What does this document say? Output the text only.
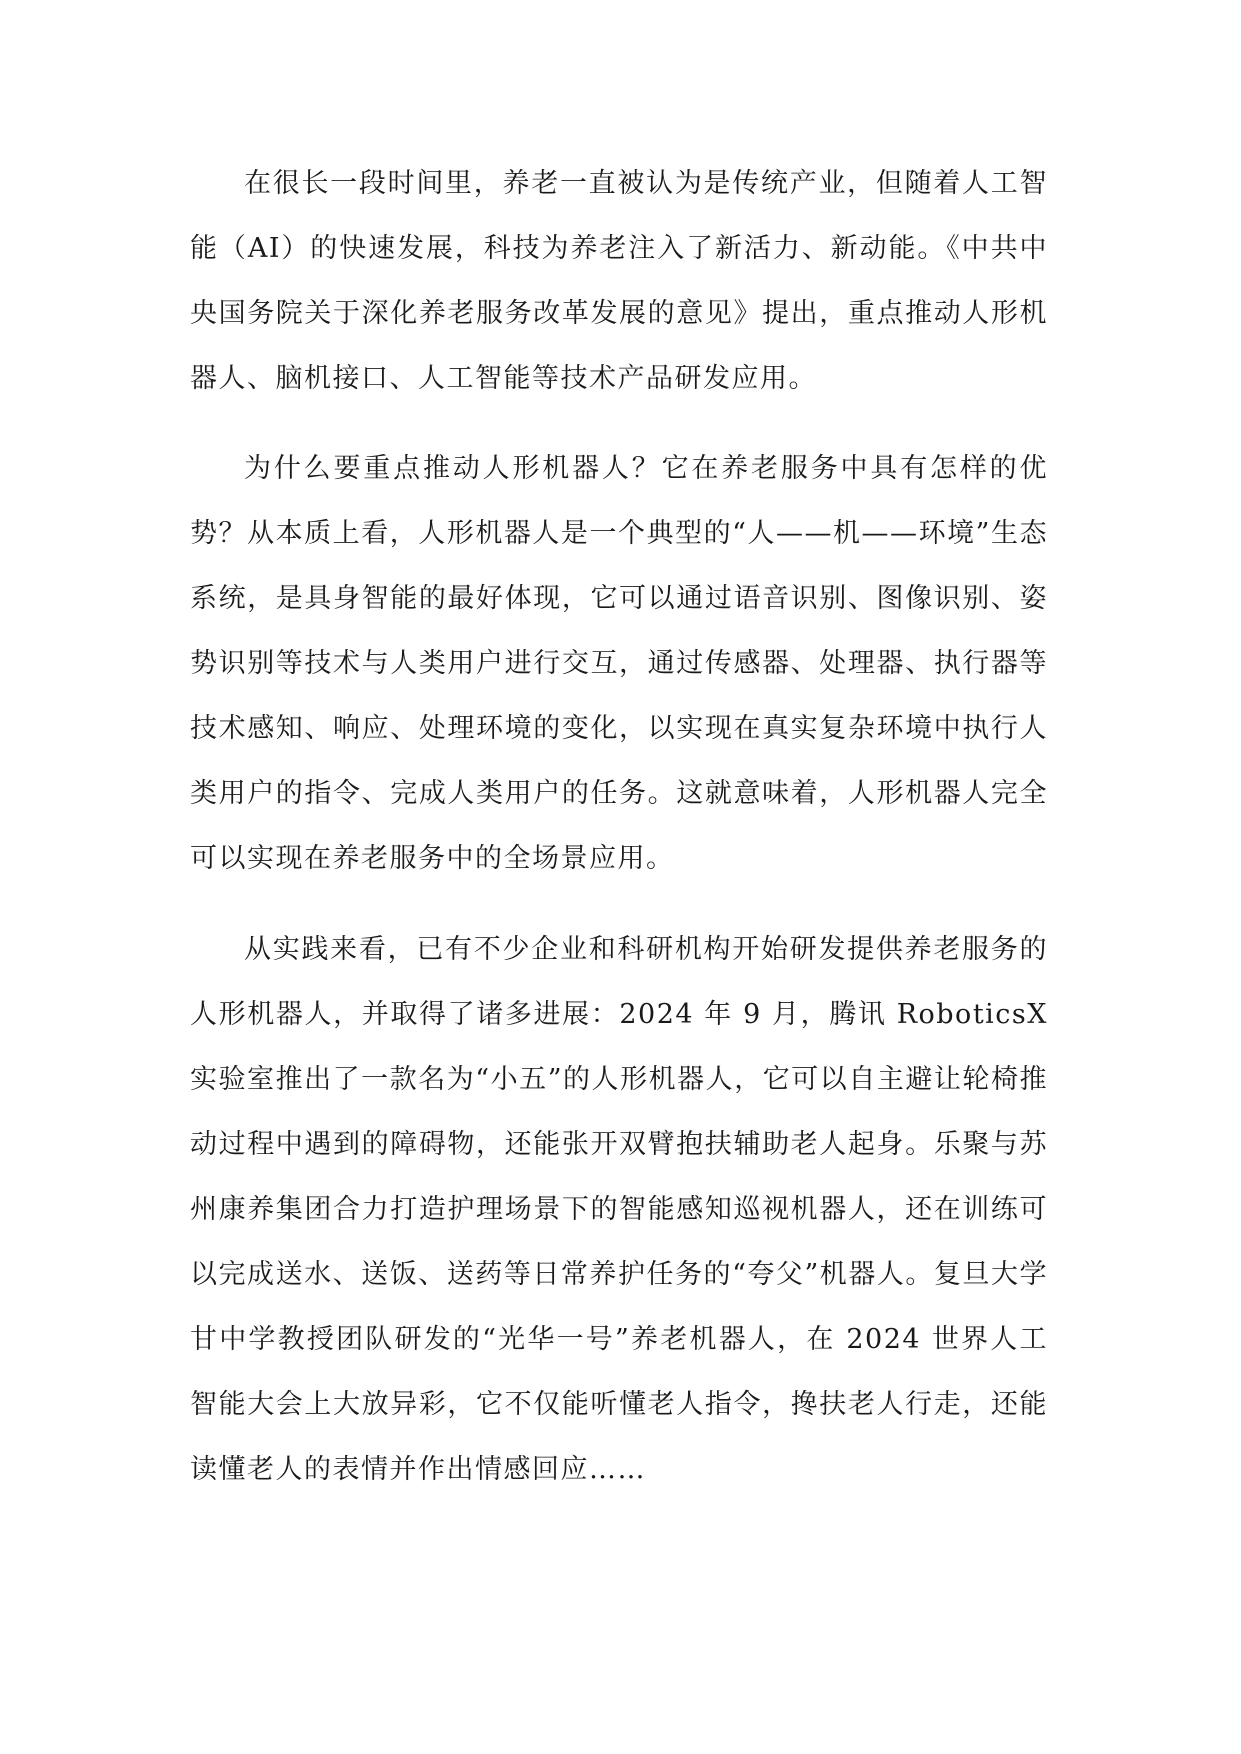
在很长一段时间里，养老一直被认为是传统产业，但随着人工智能（AI）的快速发展，科技为养老注入了新活力、新动能。《中共中央国务院关于深化养老服务改革发展的意见》提出，重点推动人形机器人、脑机接口、人工智能等技术产品研发应用。

为什么要重点推动人形机器人？它在养老服务中具有怎样的优势？从本质上看，人形机器人是一个典型的“人——机——环境”生态系统，是具身智能的最好体现，它可以通过语音识别、图像识别、姿势识别等技术与人类用户进行交互，通过传感器、处理器、执行器等技术感知、响应、处理环境的变化，以实现在真实复杂环境中执行人类用户的指令、完成人类用户的任务。这就意味着，人形机器人完全可以实现在养老服务中的全场景应用。

从实践来看，已有不少企业和科研机构开始研发提供养老服务的人形机器人，并取得了诸多进展：2024 年 9 月，腾讯 RoboticsX 实验室推出了一款名为“小五”的人形机器人，它可以自主避让轮椅推动过程中遇到的障碍物，还能张开双臂抱扶辅助老人起身。乐聚与苏州康养集团合力打造护理场景下的智能感知巡视机器人，还在训练可以完成送水、送饭、送药等日常养护任务的“夸父”机器人。复旦大学甘中学教授团队研发的“光华一号”养老机器人，在 2024 世界人工智能大会上大放异彩，它不仅能听懂老人指令，搀扶老人行走，还能读懂老人的表情并作出情感回应……
